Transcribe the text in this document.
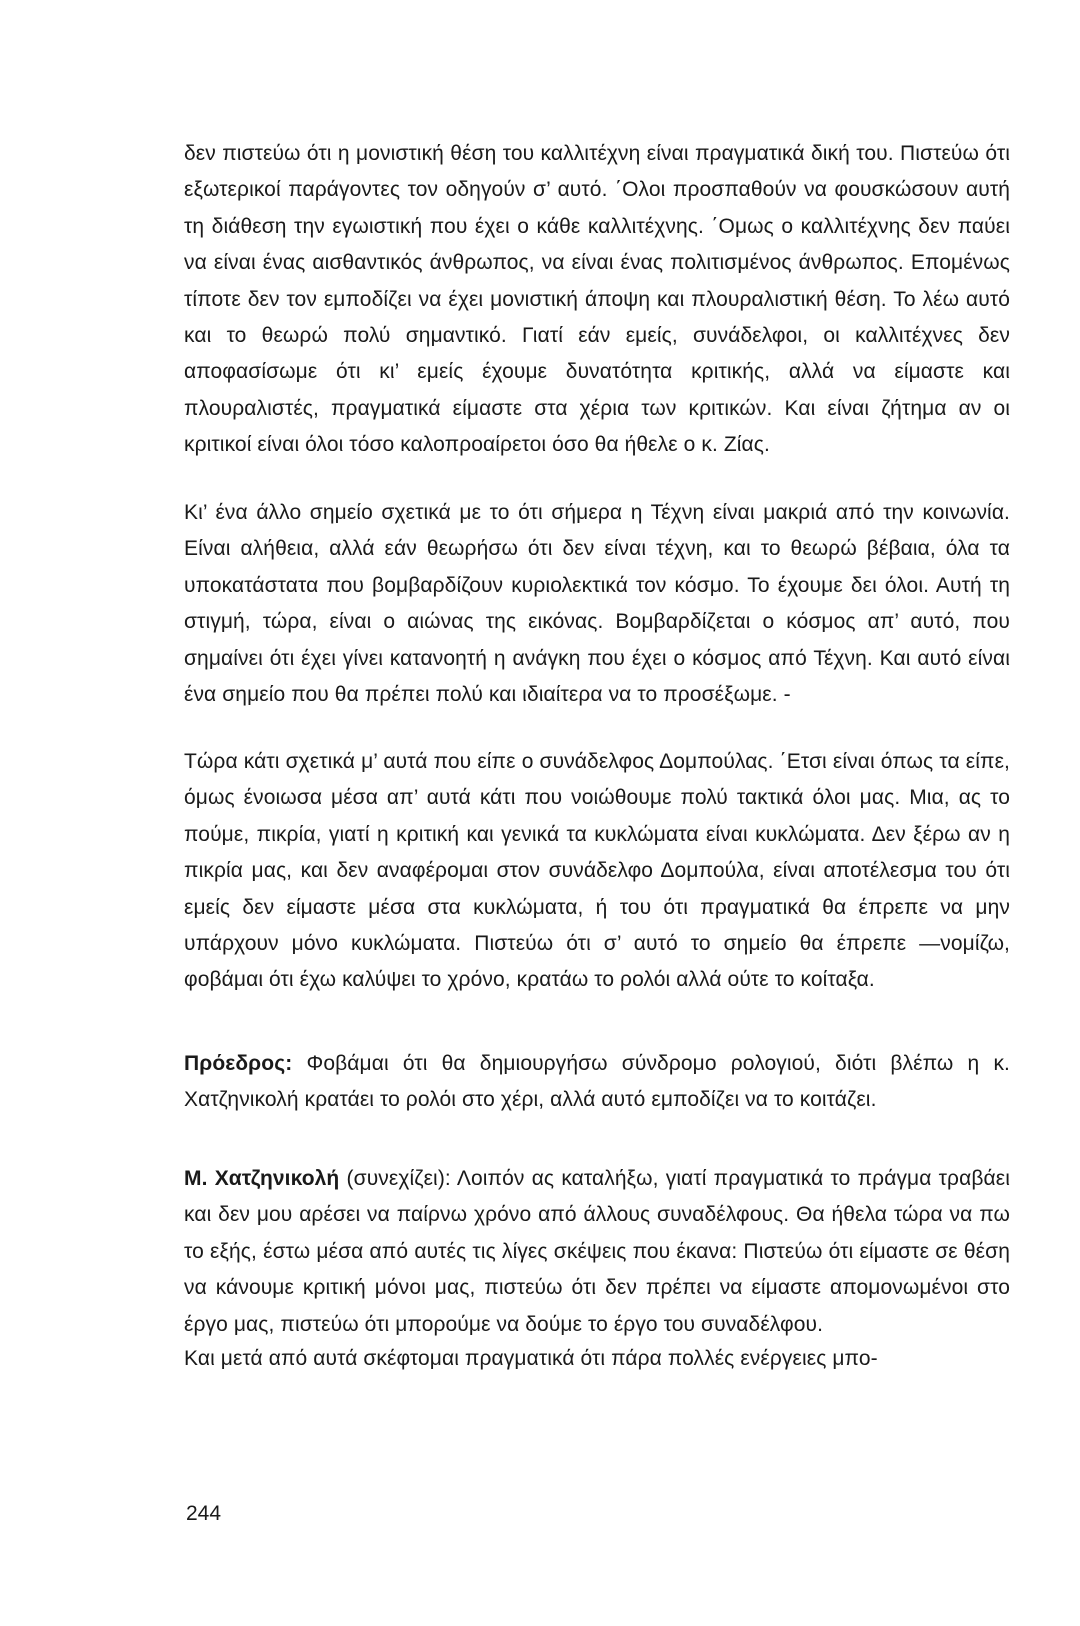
δεν πιστεύω ότι η μονιστική θέση του καλλιτέχνη είναι πραγματικά δική του. Πιστεύω ότι εξωτερικοί παράγοντες τον οδηγούν σ’ αυτό. ΄Ολοι προσπαθούν να φουσκώσουν αυτή τη διάθεση την εγωιστική που έχει ο κάθε καλλιτέχνης. ΄Ομως ο καλλιτέχνης δεν παύει να είναι ένας αισθαντικός άνθρωπος, να είναι ένας πολιτισμένος άνθρωπος. Επομένως τίποτε δεν τον εμποδίζει να έχει μονιστική άποψη και πλουραλιστική θέση. Το λέω αυτό και το θεωρώ πολύ σημαντικό. Γιατί εάν εμείς, συνάδελφοι, οι καλλιτέχνες δεν αποφασίσωμε ότι κι’ εμείς έχουμε δυνατότητα κριτικής, αλλά να είμαστε και πλουραλιστές, πραγματικά είμαστε στα χέρια των κριτικών. Και είναι ζήτημα αν οι κριτικοί είναι όλοι τόσο καλοπροαίρετοι όσο θα ήθελε ο κ. Ζίας.

Κι’ ένα άλλο σημείο σχετικά με το ότι σήμερα η Τέχνη είναι μακριά από την κοινωνία. Είναι αλήθεια, αλλά εάν θεωρήσω ότι δεν είναι τέχνη, και το θεωρώ βέβαια, όλα τα υποκατάστατα που βομβαρδίζουν κυριολεκτικά τον κόσμο. Το έχουμε δει όλοι. Αυτή τη στιγμή, τώρα, είναι ο αιώνας της εικόνας. Βομβαρδίζεται ο κόσμος απ’ αυτό, που σημαίνει ότι έχει γίνει κατανοητή η ανάγκη που έχει ο κόσμος από Τέχνη. Και αυτό είναι ένα σημείο που θα πρέπει πολύ και ιδιαίτερα να το προσέξωμε. -

Τώρα κάτι σχετικά μ’ αυτά που είπε ο συνάδελφος Δομπούλας. ΄Ετσι είναι όπως τα είπε, όμως ένοιωσα μέσα απ’ αυτά κάτι που νοιώθουμε πολύ τακτικά όλοι μας. Μια, ας το πούμε, πικρία, γιατί η κριτική και γενικά τα κυκλώματα είναι κυκλώματα. Δεν ξέρω αν η πικρία μας, και δεν αναφέρομαι στον συνάδελφο Δομπούλα, είναι αποτέλεσμα του ότι εμείς δεν είμαστε μέσα στα κυκλώματα, ή του ότι πραγματικά θα έπρεπε να μην υπάρχουν μόνο κυκλώματα. Πιστεύω ότι σ’ αυτό το σημείο θα έπρεπε —νομίζω, φοβάμαι ότι έχω καλύψει το χρόνο, κρατάω το ρολόι αλλά ούτε το κοίταξα.

Πρόεδρος: Φοβάμαι ότι θα δημιουργήσω σύνδρομο ρολογιού, διότι βλέπω η κ. Χατζηνικολή κρατάει το ρολόι στο χέρι, αλλά αυτό εμποδίζει να το κοιτάζει.

Μ. Χατζηνικολή (συνεχίζει): Λοιπόν ας καταλήξω, γιατί πραγματικά το πράγμα τραβάει και δεν μου αρέσει να παίρνω χρόνο από άλλους συναδέλφους. Θα ήθελα τώρα να πω το εξής, έστω μέσα από αυτές τις λίγες σκέψεις που έκανα: Πιστεύω ότι είμαστε σε θέση να κάνουμε κριτική μόνοι μας, πιστεύω ότι δεν πρέπει να είμαστε απομονωμένοι στο έργο μας, πιστεύω ότι μπορούμε να δούμε το έργο του συναδέλφου.

Και μετά από αυτά σκέφτομαι πραγματικά ότι πάρα πολλές ενέργειες μπο-

244
